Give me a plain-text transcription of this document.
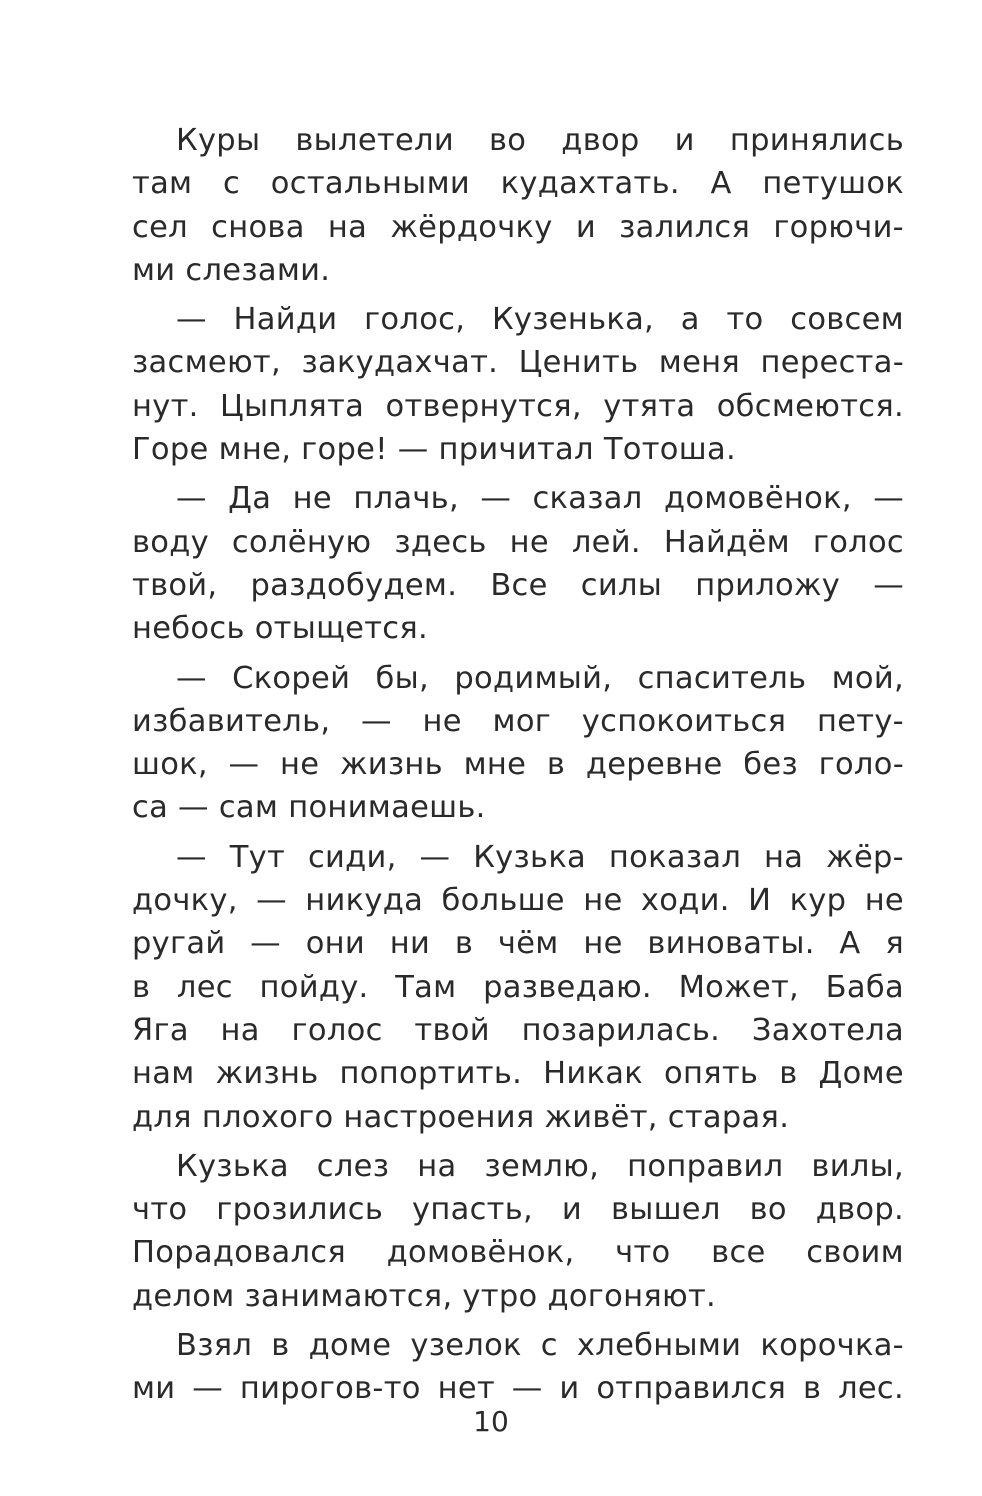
Куры вылетели во двор и принялись
там с остальными кудахтать. А петушок
сел снова на жёрдочку и залился горючи-
ми слезами.
— Найди голос, Кузенька, а то совсем
засмеют, закудахчат. Ценить меня переста-
нут. Цыплята отвернутся, утята обсмеются.
Горе мне, горе! — причитал Тотоша.
— Да не плачь, — сказал домовёнок, —
воду солёную здесь не лей. Найдём голос
твой, раздобудем. Все силы приложу —
небось отыщется.
— Скорей бы, родимый, спаситель мой,
избавитель, — не мог успокоиться пету-
шок, — не жизнь мне в деревне без голо-
са — сам понимаешь.
— Тут сиди, — Кузька показал на жёр-
дочку, — никуда больше не ходи. И кур не
ругай — они ни в чём не виноваты. А я
в лес пойду. Там разведаю. Может, Баба
Яга на голос твой позарилась. Захотела
нам жизнь попортить. Никак опять в Доме
для плохого настроения живёт, старая.
Кузька слез на землю, поправил вилы,
что грозились упасть, и вышел во двор.
Порадовался домовёнок, что все своим
делом занимаются, утро догоняют.
Взял в доме узелок с хлебными корочка-
ми — пирогов-то нет — и отправился в лес.
10
